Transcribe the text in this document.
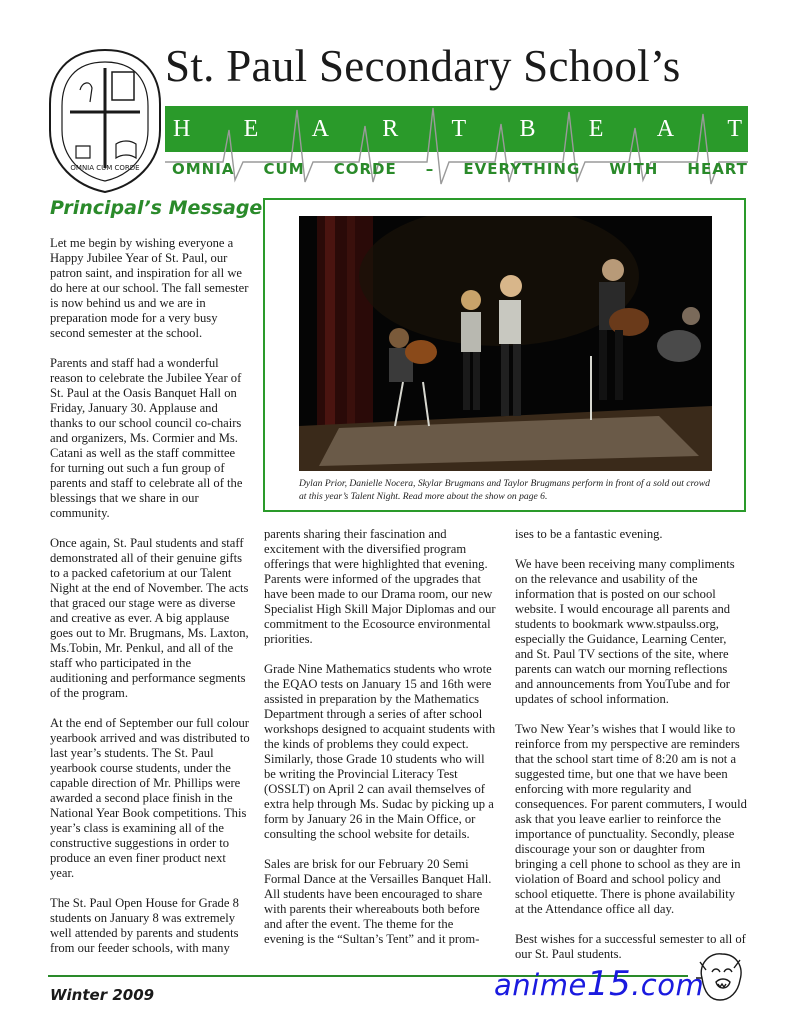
OMNIA CUM CORDE
St. Paul Secondary School’s
H E A R T B E A T
OMNIA CUM CORDE – EVERYTHING WITH HEART
Principal’s Message
Dylan Prior, Danielle Nocera, Skylar Brugmans and Taylor Brugmans perform in front of a sold out crowd at this year’s Talent Night. Read more about the show on page 6.

Let me begin by wishing everyone a Happy Jubilee Year of St. Paul, our patron saint, and inspiration for all we do here at our school. The fall semester is now behind us and we are in preparation mode for a very busy second semester at the school.

Parents and staff had a wonderful reason to celebrate the Jubilee Year of St. Paul at the Oasis Banquet Hall on Friday, January 30. Applause and thanks to our school council co-chairs and organizers, Ms. Cormier and Ms. Catani as well as the staff committee for turning out such a fun group of parents and staff to celebrate all of the blessings that we share in our community.

Once again, St. Paul students and staff demonstrated all of their genuine gifts to a packed cafetorium at our Talent Night at the end of November. The acts that graced our stage were as diverse and creative as ever. A big applause goes out to Mr. Brugmans, Ms. Laxton, Ms.Tobin, Mr. Penkul, and all of the staff who participated in the auditioning and performance segments of the program.

At the end of September our full colour yearbook arrived and was distributed to last year’s students. The St. Paul yearbook course students, under the capable direction of Mr. Phillips were awarded a second place finish in the National Year Book competitions. This year’s class is examining all of the constructive suggestions in order to produce an even finer product next year.

The St. Paul Open House for Grade 8 students on January 8 was extremely well attended by parents and students from our feeder schools, with many

parents sharing their fascination and excitement with the diversified program offerings that were highlighted that evening. Parents were informed of the upgrades that have been made to our Drama room, our new Specialist High Skill Major Diplomas and our commitment to the Ecosource environmental priorities.

Grade Nine Mathematics students who wrote the EQAO tests on January 15 and 16th were assisted in preparation by the Mathematics Department through a series of after school workshops designed to acquaint students with the kinds of problems they could expect. Similarly, those Grade 10 students who will be writing the Provincial Literacy Test (OSSLT) on April 2 can avail themselves of extra help through Ms. Sudac by picking up a form by January 26 in the Main Office, or consulting the school website for details.

Sales are brisk for our February 20 Semi Formal Dance at the Versailles Banquet Hall. All students have been encouraged to share with parents their whereabouts both before and after the event. The theme for the evening is the “Sultan’s Tent” and it prom-

ises to be a fantastic evening.

We have been receiving many compliments on the relevance and usability of the information that is posted on our school website. I would encourage all parents and students to bookmark www.stpaulss.org, especially the Guidance, Learning Center, and St. Paul TV sections of the site, where parents can watch our morning reflections and announcements from YouTube and for updates of school information.

Two New Year’s wishes that I would like to reinforce from my perspective are reminders that the school start time of 8:20 am is not a suggested time, but one that we have been enforcing with more regularity and consequences. For parent commuters, I would ask that you leave earlier to reinforce the importance of punctuality. Secondly, please discourage your son or daughter from bringing a cell phone to school as they are in violation of Board and school policy and school etiquette. There is phone availability at the Attendance office all day.

Best wishes for a successful semester to all of our St. Paul students.

Winter 2009	anime15.com
